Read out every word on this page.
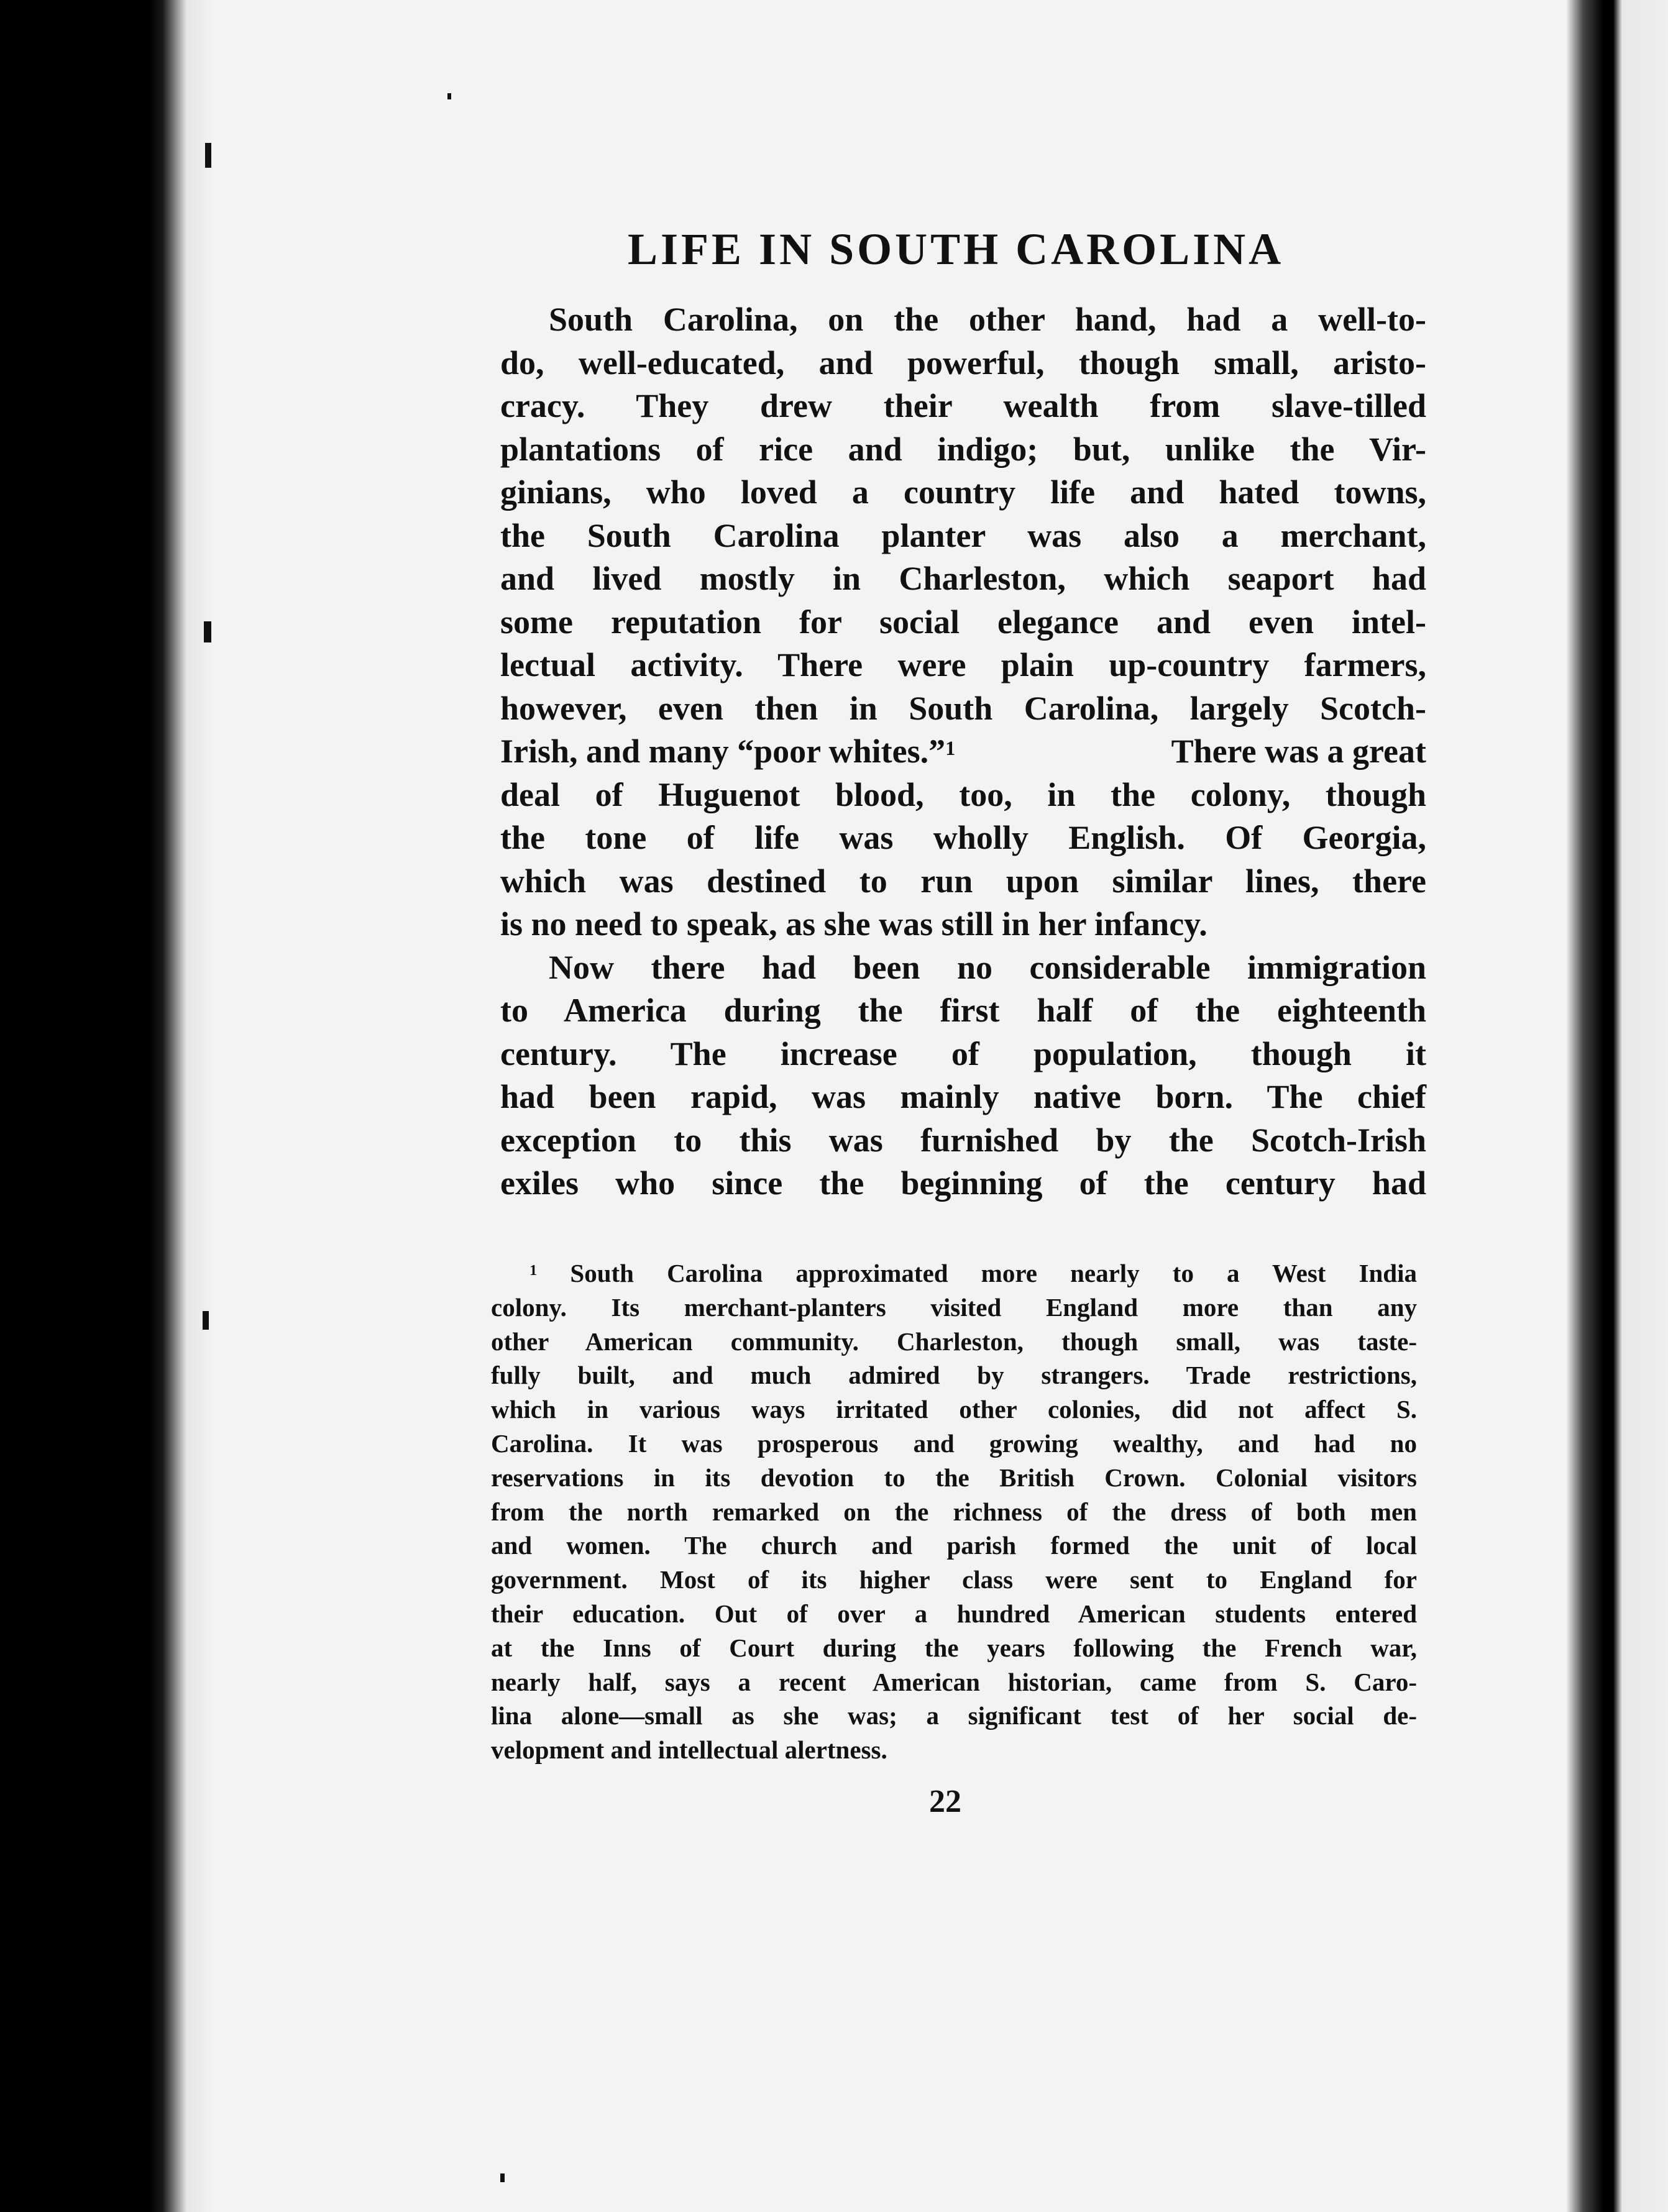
LIFE IN SOUTH CAROLINA
South Carolina, on the other hand, had a well-to-
do, well-educated, and powerful, though small, aristo-
cracy. They drew their wealth from slave-tilled
plantations of rice and indigo; but, unlike the Vir-
ginians, who loved a country life and hated towns,
the South Carolina planter was also a merchant,
and lived mostly in Charleston, which seaport had
some reputation for social elegance and even intel-
lectual activity. There were plain up-country farmers,
however, even then in South Carolina, largely Scotch-
Irish, and many “poor whites.”$^1$	There was a great
deal of Huguenot blood, too, in the colony, though
the tone of life was wholly English. Of Georgia,
which was destined to run upon similar lines, there
is no need to speak, as she was still in her infancy.
Now there had been no considerable immigration
to America during the first half of the eighteenth
century. The increase of population, though it
had been rapid, was mainly native born. The chief
exception to this was furnished by the Scotch-Irish
exiles who since the beginning of the century had
$^1$ South Carolina approximated more nearly to a West India
colony. Its merchant-planters visited England more than any
other American community. Charleston, though small, was taste-
fully built, and much admired by strangers. Trade restrictions,
which in various ways irritated other colonies, did not affect S.
Carolina. It was prosperous and growing wealthy, and had no
reservations in its devotion to the British Crown. Colonial visitors
from the north remarked on the richness of the dress of both men
and women. The church and parish formed the unit of local
government. Most of its higher class were sent to England for
their education. Out of over a hundred American students entered
at the Inns of Court during the years following the French war,
nearly half, says a recent American historian, came from S. Caro-
lina alone—small as she was; a significant test of her social de-
velopment and intellectual alertness.
22
